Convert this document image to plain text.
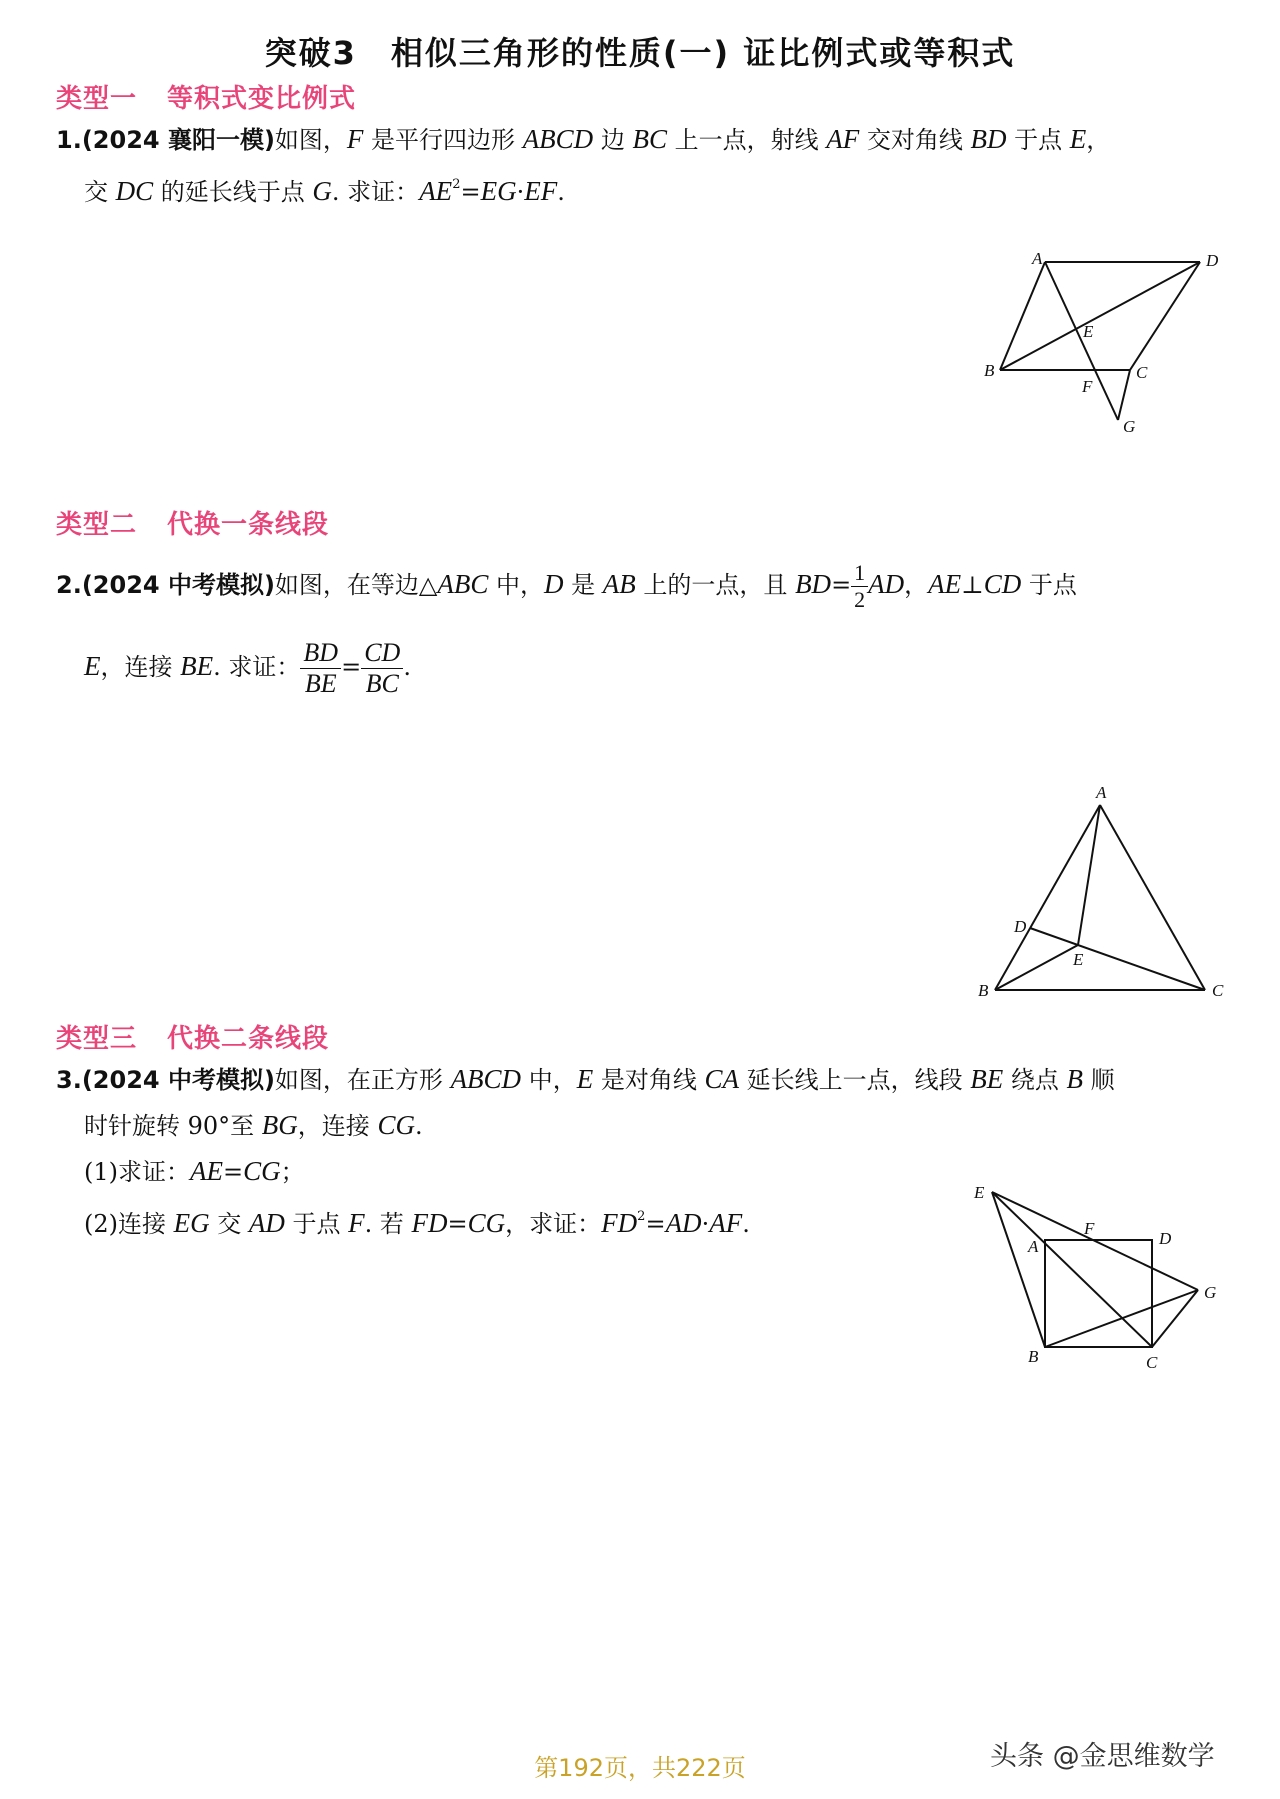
突破3　相似三角形的性质(一) 证比例式或等积式
类型一 等积式变比例式
1.(2024 襄阳一模)如图，F 是平行四边形 ABCD 边 BC 上一点，射线 AF 交对角线 BD 于点 E，
交 DC 的延长线于点 G. 求证：$AE^2=EG\cdot EF$.
A	D
E
B
F
C
G
类型二 代换一条线段
2.(2024 中考模拟)如图，在等边△ABC 中，D 是 AB 上的一点，且 $BD= \frac{1}{2}$ AD，AE⊥CD 于点
E，连接 BE. 求证： $\frac{BD}{BE} = \frac{CD}{BC}$ .
A
D
E
B	C
类型三 代换二条线段
3.(2024 中考模拟)如图，在正方形 ABCD 中，E 是对角线 CA 延长线上一点，线段 BE 绕点 B 顺
时针旋转 90°至 BG，连接 CG.
(1)求证：AE=CG；
(2)连接 EG 交 AD 于点 F. 若 FD=CG，求证：$FD^2=AD\cdot AF$.
E
F
D
A
G
B	C
第192页，共222页	头条 @金思维数学
